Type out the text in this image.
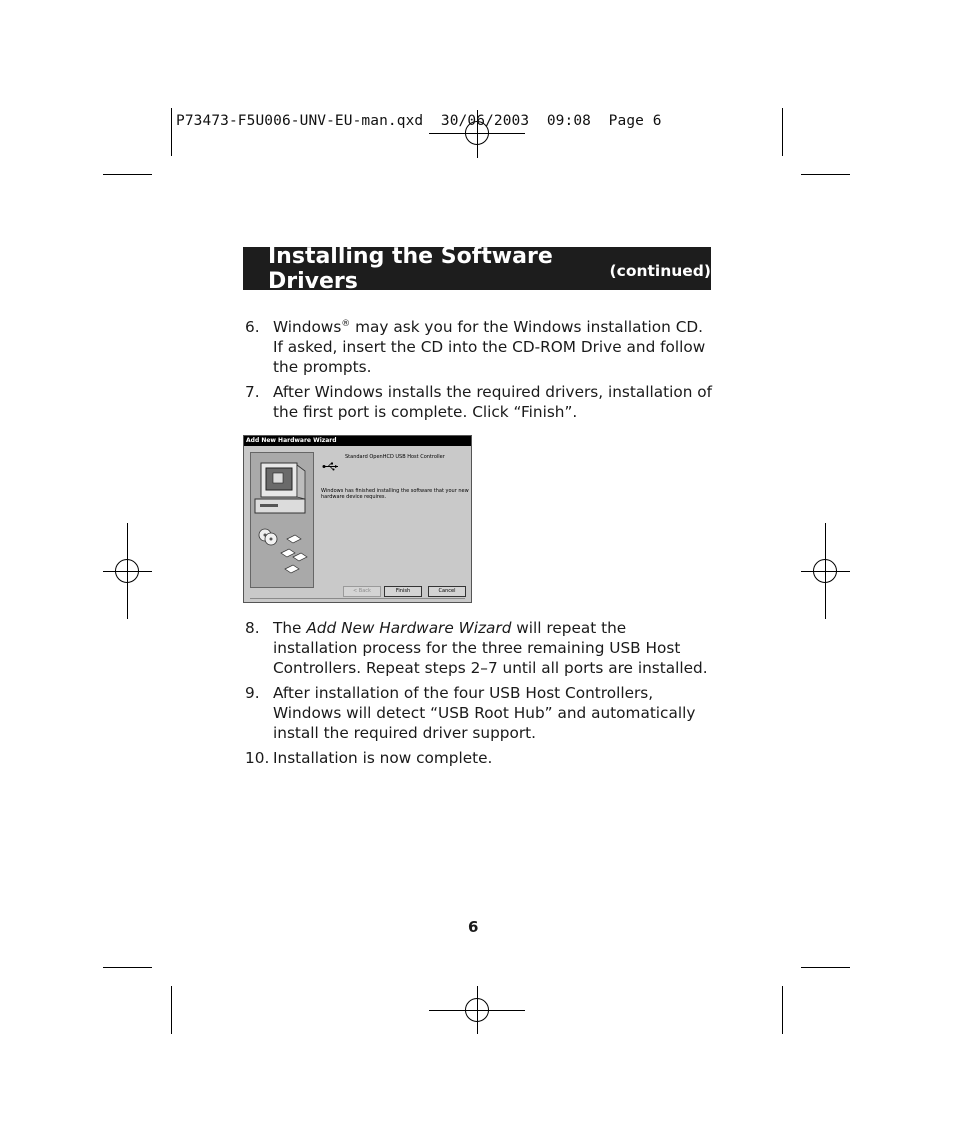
P73473-F5U006-UNV-EU-man.qxd  30/06/2003  09:08  Page 6
Installing the Software Drivers	(continued)
6. Windows® may ask you for the Windows installation CD. If asked, insert the CD into the CD-ROM Drive and follow the prompts.
7. After Windows installs the required drivers, installation of the first port is complete. Click “Finish”.
Add New Hardware Wizard
Standard OpenHCD USB Host Controller
Windows has finished installing the software that your new hardware device requires.
< Back	Finish	Cancel
8. The Add New Hardware Wizard will repeat the installation process for the three remaining USB Host Controllers. Repeat steps 2–7 until all ports are installed.
9. After installation of the four USB Host Controllers, Windows will detect “USB Root Hub” and automatically install the required driver support.
10. Installation is now complete.
6
